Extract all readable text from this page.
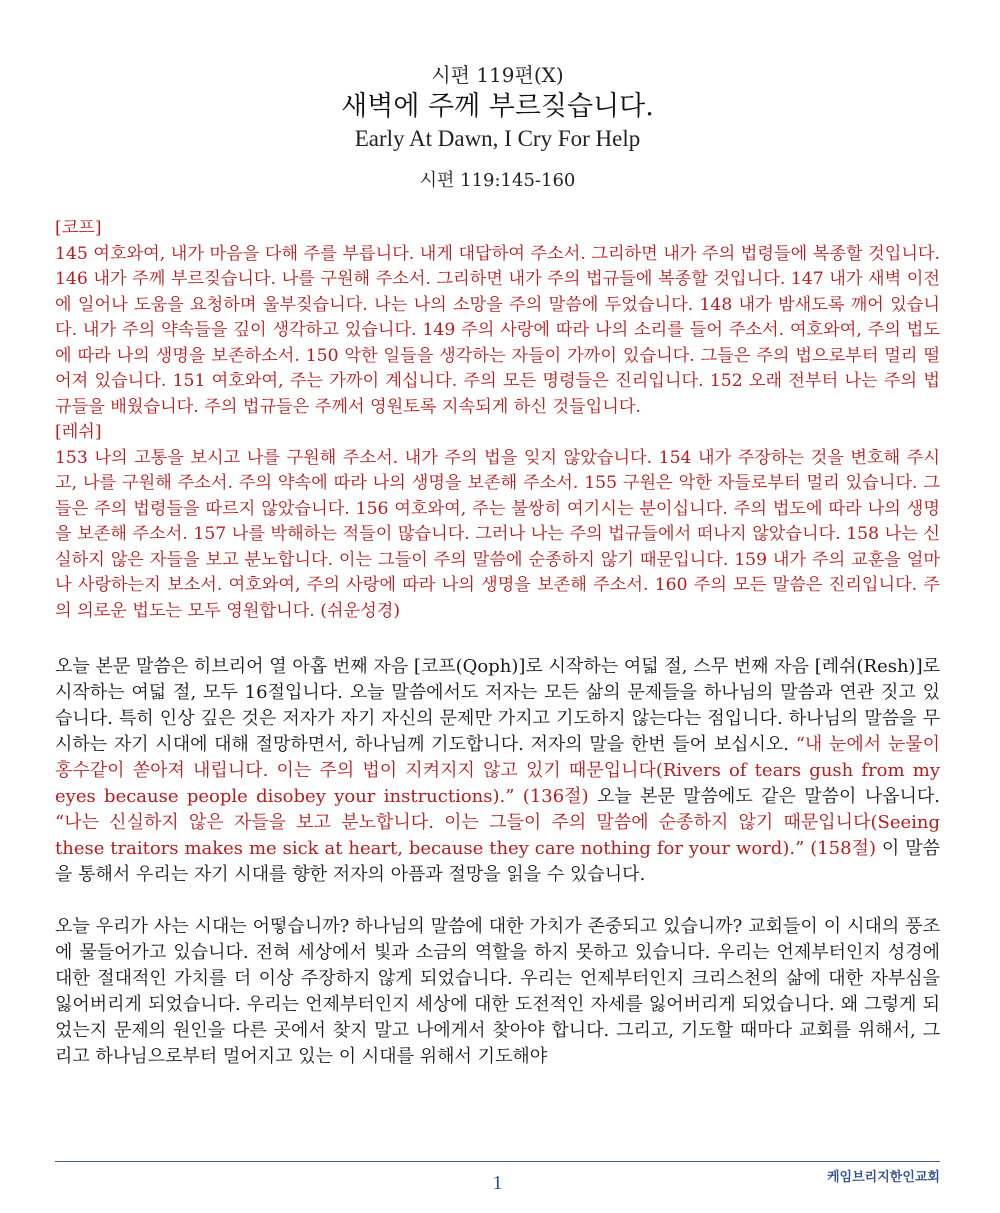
시편 119편(X)
새벽에 주께 부르짖습니다.
Early At Dawn, I Cry For Help
시편 119:145-160

[코프]

145 여호와여, 내가 마음을 다해 주를 부릅니다. 내게 대답하여 주소서. 그리하면 내가 주의 법령들에 복종할 것입니다. 146 내가 주께 부르짖습니다. 나를 구원해 주소서. 그리하면 내가 주의 법규들에 복종할 것입니다. 147 내가 새벽 이전에 일어나 도움을 요청하며 울부짖습니다. 나는 나의 소망을 주의 말씀에 두었습니다. 148 내가 밤새도록 깨어 있습니다. 내가 주의 약속들을 깊이 생각하고 있습니다. 149 주의 사랑에 따라 나의 소리를 들어 주소서. 여호와여, 주의 법도에 따라 나의 생명을 보존하소서. 150 악한 일들을 생각하는 자들이 가까이 있습니다. 그들은 주의 법으로부터 멀리 떨어져 있습니다. 151 여호와여, 주는 가까이 계십니다. 주의 모든 명령들은 진리입니다. 152 오래 전부터 나는 주의 법규들을 배웠습니다. 주의 법규들은 주께서 영원토록 지속되게 하신 것들입니다.

[레쉬]

153 나의 고통을 보시고 나를 구원해 주소서. 내가 주의 법을 잊지 않았습니다. 154 내가 주장하는 것을 변호해 주시고, 나를 구원해 주소서. 주의 약속에 따라 나의 생명을 보존해 주소서. 155 구원은 악한 자들로부터 멀리 있습니다. 그들은 주의 법령들을 따르지 않았습니다. 156 여호와여, 주는 불쌍히 여기시는 분이십니다. 주의 법도에 따라 나의 생명을 보존해 주소서. 157 나를 박해하는 적들이 많습니다. 그러나 나는 주의 법규들에서 떠나지 않았습니다. 158 나는 신실하지 않은 자들을 보고 분노합니다. 이는 그들이 주의 말씀에 순종하지 않기 때문입니다. 159 내가 주의 교훈을 얼마나 사랑하는지 보소서. 여호와여, 주의 사랑에 따라 나의 생명을 보존해 주소서. 160 주의 모든 말씀은 진리입니다. 주의 의로운 법도는 모두 영원합니다. (쉬운성경)

오늘 본문 말씀은 히브리어 열 아홉 번째 자음 [코프(Qoph)]로 시작하는 여덟 절, 스무 번째 자음 [레쉬(Resh)]로 시작하는 여덟 절, 모두 16절입니다. 오늘 말씀에서도 저자는 모든 삶의 문제들을 하나님의 말씀과 연관 짓고 있습니다. 특히 인상 깊은 것은 저자가 자기 자신의 문제만 가지고 기도하지 않는다는 점입니다. 하나님의 말씀을 무시하는 자기 시대에 대해 절망하면서, 하나님께 기도합니다. 저자의 말을 한번 들어 보십시오. “내 눈에서 눈물이 홍수같이 쏟아져 내립니다. 이는 주의 법이 지켜지지 않고 있기 때문입니다(Rivers of tears gush from my eyes because people disobey your instructions).” (136절) 오늘 본문 말씀에도 같은 말씀이 나옵니다. “나는 신실하지 않은 자들을 보고 분노합니다. 이는 그들이 주의 말씀에 순종하지 않기 때문입니다(Seeing these traitors makes me sick at heart, because they care nothing for your word).” (158절) 이 말씀을 통해서 우리는 자기 시대를 향한 저자의 아픔과 절망을 읽을 수 있습니다.

오늘 우리가 사는 시대는 어떻습니까? 하나님의 말씀에 대한 가치가 존중되고 있습니까? 교회들이 이 시대의 풍조에 물들어가고 있습니다. 전혀 세상에서 빛과 소금의 역할을 하지 못하고 있습니다. 우리는 언제부터인지 성경에 대한 절대적인 가치를 더 이상 주장하지 않게 되었습니다. 우리는 언제부터인지 크리스천의 삶에 대한 자부심을 잃어버리게 되었습니다. 우리는 언제부터인지 세상에 대한 도전적인 자세를 잃어버리게 되었습니다. 왜 그렇게 되었는지 문제의 원인을 다른 곳에서 찾지 말고 나에게서 찾아야 합니다. 그리고, 기도할 때마다 교회를 위해서, 그리고 하나님으로부터 멀어지고 있는 이 시대를 위해서 기도해야

1	케임브리지한인교회
